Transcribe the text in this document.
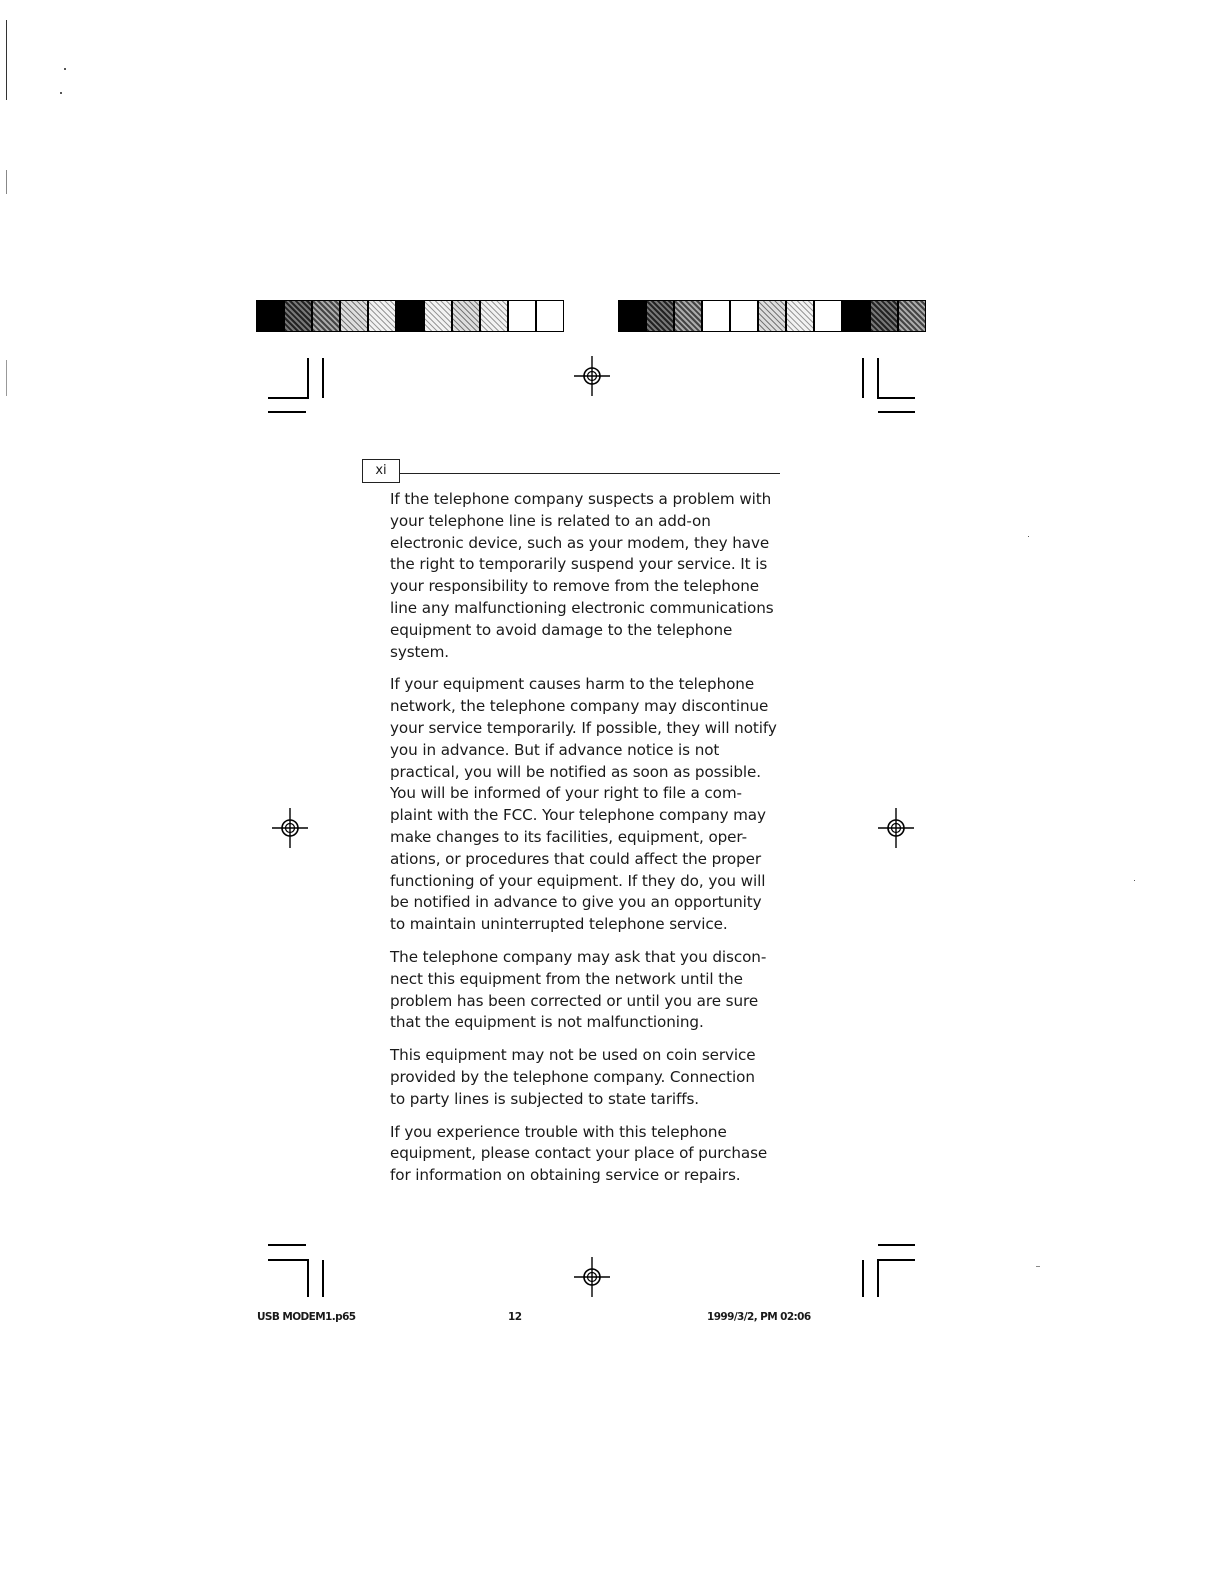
xi

If the telephone company suspects a problem with
your telephone line is related to an add-on
electronic device, such as your modem, they have
the right to temporarily suspend your service. It is
your responsibility to remove from the telephone
line any malfunctioning electronic communications
equipment to avoid damage to the telephone
system.

If your equipment causes harm to the telephone
network, the telephone company may discontinue
your service temporarily. If possible, they will notify
you in advance. But if advance notice is not
practical, you will be notified as soon as possible.
You will be informed of your right to file a com-
plaint with the FCC. Your telephone company may
make changes to its facilities, equipment, oper-
ations, or procedures that could affect the proper
functioning of your equipment. If they do, you will
be notified in advance to give you an opportunity
to maintain uninterrupted telephone service.

The telephone company may ask that you discon-
nect this equipment from the network until the
problem has been corrected or until you are sure
that the equipment is not malfunctioning.

This equipment may not be used on coin service
provided by the telephone company. Connection
to party lines is subjected to state tariffs.

If you experience trouble with this telephone
equipment, please contact your place of purchase
for information on obtaining service or repairs.

USB MODEM1.p65	12	1999/3/2, PM 02:06
